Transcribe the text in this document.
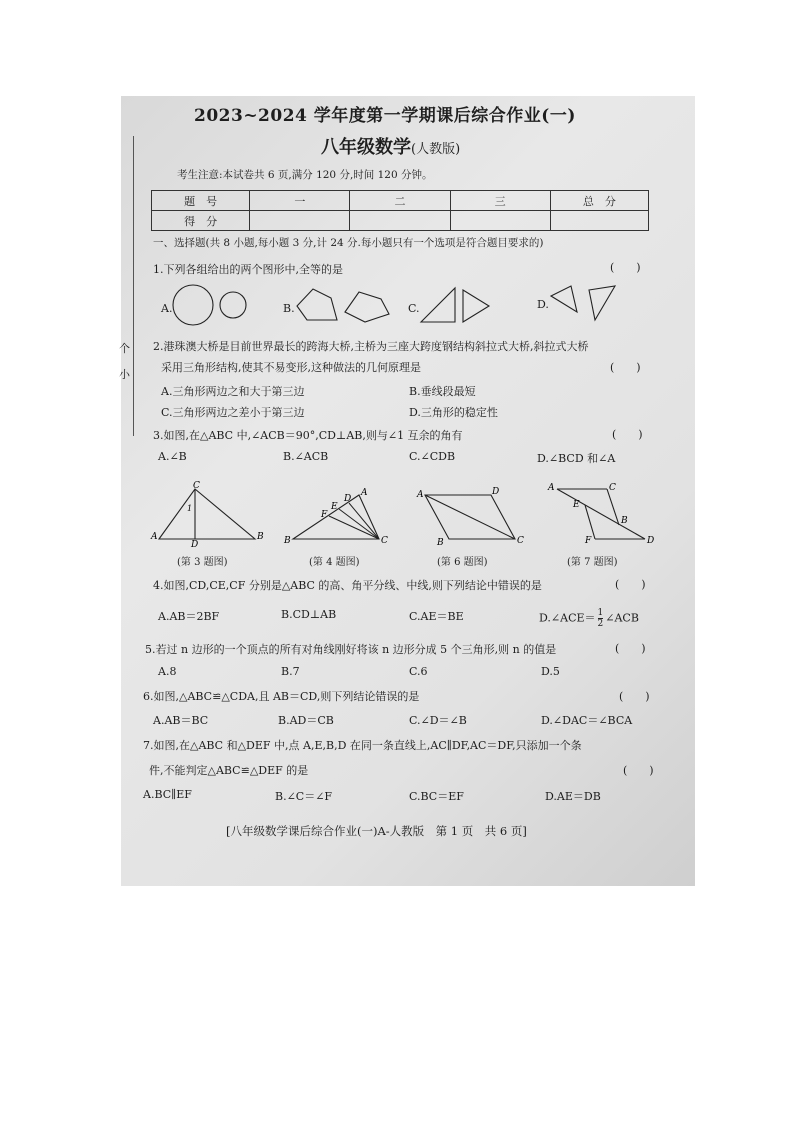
个
小
2023~2024 学年度第一学期课后综合作业(一)
八年级数学(人教版)
考生注意:本试卷共 6 页,满分 120 分,时间 120 分钟。
题　号	一	二	三	总　分
得　分				
一、选择题(共 8 小题,每小题 3 分,计 24 分.每小题只有一个选项是符合题目要求的)
1.下列各组给出的两个图形中,全等的是	(　　)
A.	B.	C.	D.
2.港珠澳大桥是目前世界最长的跨海大桥,主桥为三座大跨度钢结构斜拉式大桥,斜拉式大桥
采用三角形结构,使其不易变形,这种做法的几何原理是	(　　)
A.三角形两边之和大于第三边	B.垂线段最短
C.三角形两边之差小于第三边	D.三角形的稳定性
3.如图,在△ABC 中,∠ACB＝90°,CD⊥AB,则与∠1 互余的角有	(　　)
A.∠B	B.∠ACB	C.∠CDB	D.∠BCD 和∠A
C
1
A
D
B
D
A
E
F
B	C
A	D
B	C
A	C
E
B
F	D
(第 3 题图)	(第 4 题图)	(第 6 题图)	(第 7 题图)
4.如图,CD,CE,CF 分别是△ABC 的高、角平分线、中线,则下列结论中错误的是	(　　)
A.AB＝2BF	B.CD⊥AB	C.AE＝BE	D.∠ACE＝ $\frac{1}{2}$ ∠ACB
5.若过 n 边形的一个顶点的所有对角线刚好将该 n 边形分成 5 个三角形,则 n 的值是	(　　)
A.8	B.7	C.6	D.5
6.如图,△ABC≌△CDA,且 AB＝CD,则下列结论错误的是	(　　)
A.AB＝BC	B.AD＝CB	C.∠D＝∠B	D.∠DAC＝∠BCA
7.如图,在△ABC 和△DEF 中,点 A,E,B,D 在同一条直线上,AC∥DF,AC＝DF,只添加一个条
件,不能判定△ABC≌△DEF 的是	(　　)
A.BC∥EF	B.∠C＝∠F	C.BC＝EF	D.AE＝DB
[八年级数学课后综合作业(一)A-人教版　第 1 页　共 6 页]
